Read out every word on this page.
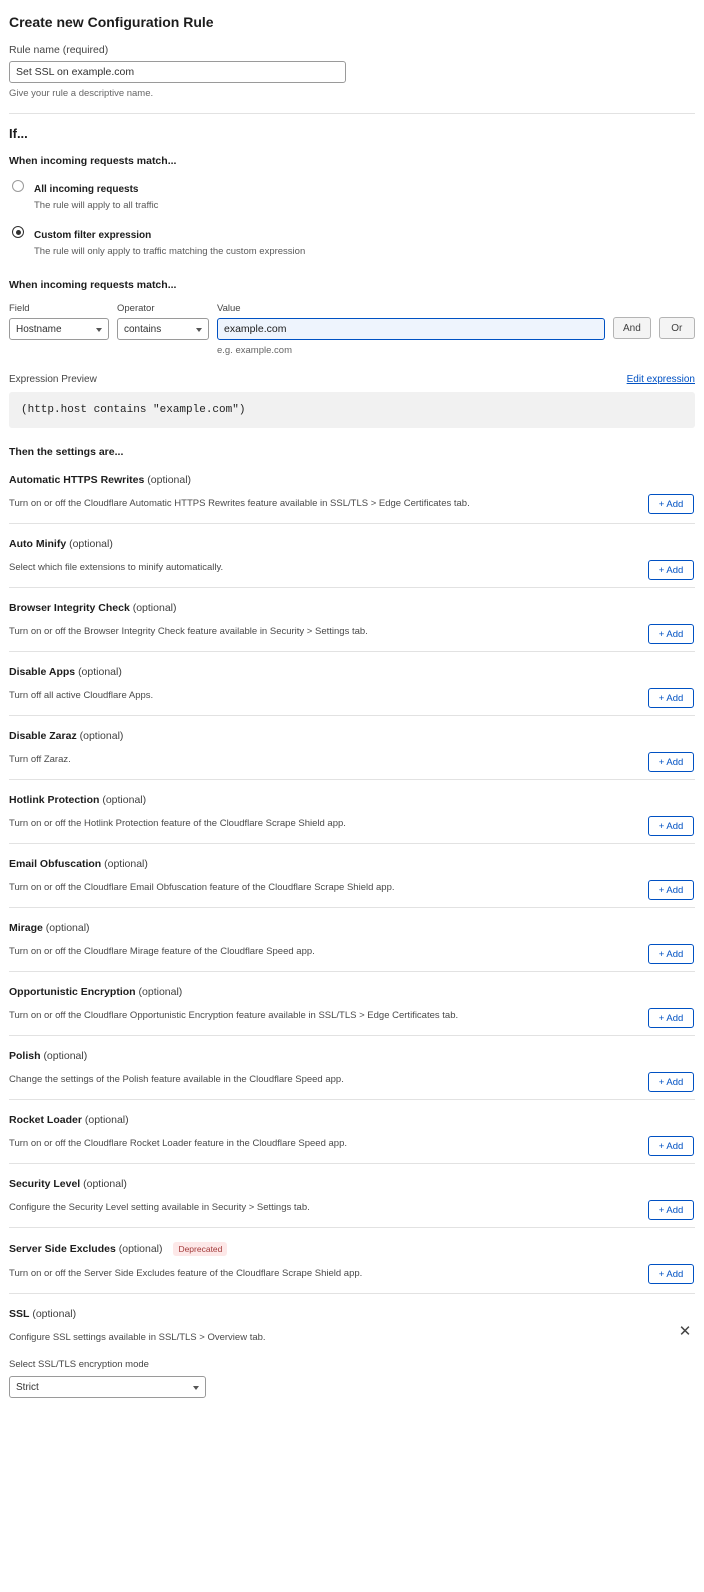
Create new Configuration Rule
Rule name (required)
Set SSL on example.com
Give your rule a descriptive name.
If...
When incoming requests match...
All incoming requests
The rule will apply to all traffic
Custom filter expression
The rule will only apply to traffic matching the custom expression
When incoming requests match...
Field
Hostname
Operator
contains
Value
example.com
e.g. example.com
And	Or
Expression Preview	Edit expression
(http.host contains "example.com")
Then the settings are...
Automatic HTTPS Rewrites (optional)
Turn on or off the Cloudflare Automatic HTTPS Rewrites feature available in SSL/TLS > Edge Certificates tab.	+ Add
Auto Minify (optional)
Select which file extensions to minify automatically.	+ Add
Browser Integrity Check (optional)
Turn on or off the Browser Integrity Check feature available in Security > Settings tab.	+ Add
Disable Apps (optional)
Turn off all active Cloudflare Apps.	+ Add
Disable Zaraz (optional)
Turn off Zaraz.	+ Add
Hotlink Protection (optional)
Turn on or off the Hotlink Protection feature of the Cloudflare Scrape Shield app.	+ Add
Email Obfuscation (optional)
Turn on or off the Cloudflare Email Obfuscation feature of the Cloudflare Scrape Shield app.	+ Add
Mirage (optional)
Turn on or off the Cloudflare Mirage feature of the Cloudflare Speed app.	+ Add
Opportunistic Encryption (optional)
Turn on or off the Cloudflare Opportunistic Encryption feature available in SSL/TLS > Edge Certificates tab.	+ Add
Polish (optional)
Change the settings of the Polish feature available in the Cloudflare Speed app.	+ Add
Rocket Loader (optional)
Turn on or off the Cloudflare Rocket Loader feature in the Cloudflare Speed app.	+ Add
Security Level (optional)
Configure the Security Level setting available in Security > Settings tab.	+ Add
Server Side Excludes (optional) Deprecated
Turn on or off the Server Side Excludes feature of the Cloudflare Scrape Shield app.	+ Add
SSL (optional)
Configure SSL settings available in SSL/TLS > Overview tab.	✕
Select SSL/TLS encryption mode
Strict
